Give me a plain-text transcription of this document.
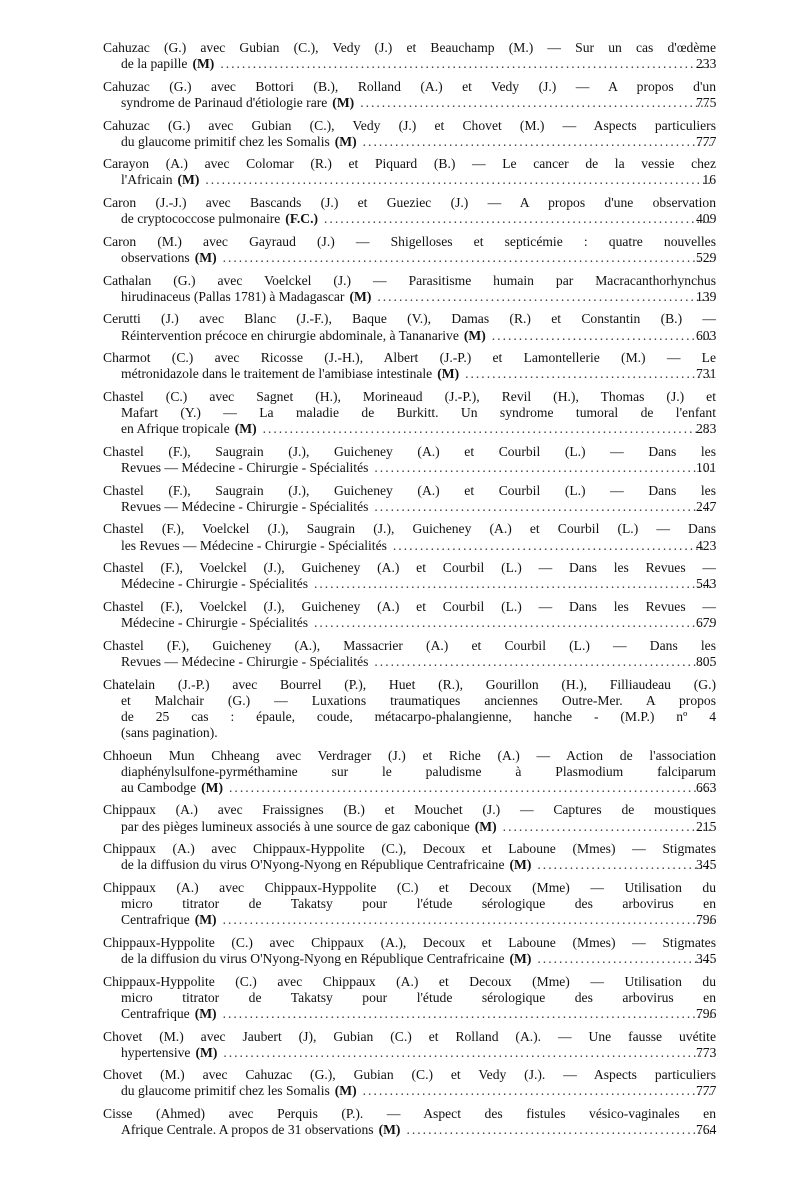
Cahuzac (G.) avec Gubian (C.), Vedy (J.) et Beauchamp (M.) — Sur un cas d'œdème
de la papille (M) .....	233
Cahuzac (G.) avec Bottori (B.), Rolland (A.) et Vedy (J.) — A propos d'un
syndrome de Parinaud d'étiologie rare (M) .....	775
Cahuzac (G.) avec Gubian (C.), Vedy (J.) et Chovet (M.) — Aspects particuliers
du glaucome primitif chez les Somalis (M) .....	777
Carayon (A.) avec Colomar (R.) et Piquard (B.) — Le cancer de la vessie chez
l'Africain (M) .....	16
Caron (J.-J.) avec Bascands (J.) et Gueziec (J.) — A propos d'une observation
de cryptococcose pulmonaire (F.C.) .....	409
Caron (M.) avec Gayraud (J.) — Shigelloses et septicémie : quatre nouvelles
observations (M) .....	529
Cathalan (G.) avec Voelckel (J.) — Parasitisme humain par Macracanthorhynchus
hirudinaceus (Pallas 1781) à Madagascar (M) .....	139
Cerutti (J.) avec Blanc (J.-F.), Baque (V.), Damas (R.) et Constantin (B.) —
Réintervention précoce en chirurgie abdominale, à Tananarive (M) .....	603
Charmot (C.) avec Ricosse (J.-H.), Albert (J.-P.) et Lamontellerie (M.) — Le
métronidazole dans le traitement de l'amibiase intestinale (M) .....	731
Chastel (C.) avec Sagnet (H.), Morineaud (J.-P.), Revil (H.), Thomas (J.) et
Mafart (Y.) — La maladie de Burkitt. Un syndrome tumoral de l'enfant
en Afrique tropicale (M) .....	283
Chastel (F.), Saugrain (J.), Guicheney (A.) et Courbil (L.) — Dans les
Revues — Médecine - Chirurgie - Spécialités .....	101
Chastel (F.), Saugrain (J.), Guicheney (A.) et Courbil (L.) — Dans les
Revues — Médecine - Chirurgie - Spécialités .....	247
Chastel (F.), Voelckel (J.), Saugrain (J.), Guicheney (A.) et Courbil (L.) — Dans
les Revues — Médecine - Chirurgie - Spécialités .....	423
Chastel (F.), Voelckel (J.), Guicheney (A.) et Courbil (L.) — Dans les Revues —
Médecine - Chirurgie - Spécialités .....	543
Chastel (F.), Voelckel (J.), Guicheney (A.) et Courbil (L.) — Dans les Revues —
Médecine - Chirurgie - Spécialités .....	679
Chastel (F.), Guicheney (A.), Massacrier (A.) et Courbil (L.) — Dans les
Revues — Médecine - Chirurgie - Spécialités .....	805
Chatelain (J.-P.) avec Bourrel (P.), Huet (R.), Gourillon (H.), Filliaudeau (G.)
et Malchair (G.) — Luxations traumatiques anciennes Outre-Mer. A propos
de 25 cas : épaule, coude, métacarpo-phalangienne, hanche - (M.P.) nº 4
(sans pagination).
Chhoeun Mun Chheang avec Verdrager (J.) et Riche (A.) — Action de l'association
diaphénylsulfone-pyrméthamine sur le paludisme à Plasmodium falciparum
au Cambodge (M) .....	663
Chippaux (A.) avec Fraissignes (B.) et Mouchet (J.) — Captures de moustiques
par des pièges lumineux associés à une source de gaz cabonique (M) .....	215
Chippaux (A.) avec Chippaux-Hyppolite (C.), Decoux et Laboune (Mmes) — Stigmates
de la diffusion du virus O'Nyong-Nyong en République Centrafricaine (M) .....	345
Chippaux (A.) avec Chippaux-Hyppolite (C.) et Decoux (Mme) — Utilisation du
micro titrator de Takatsy pour l'étude sérologique des arbovirus en
Centrafrique (M) .....	796
Chippaux-Hyppolite (C.) avec Chippaux (A.), Decoux et Laboune (Mmes) — Stigmates
de la diffusion du virus O'Nyong-Nyong en République Centrafricaine (M) .....	345
Chippaux-Hyppolite (C.) avec Chippaux (A.) et Decoux (Mme) — Utilisation du
micro titrator de Takatsy pour l'étude sérologique des arbovirus en
Centrafrique (M) .....	796
Chovet (M.) avec Jaubert (J), Gubian (C.) et Rolland (A.). — Une fausse uvétite
hypertensive (M) .....	773
Chovet (M.) avec Cahuzac (G.), Gubian (C.) et Vedy (J.). — Aspects particuliers
du glaucome primitif chez les Somalis (M) .....	777
Cisse (Ahmed) avec Perquis (P.). — Aspect des fistules vésico-vaginales en
Afrique Centrale. A propos de 31 observations (M) .....	764
